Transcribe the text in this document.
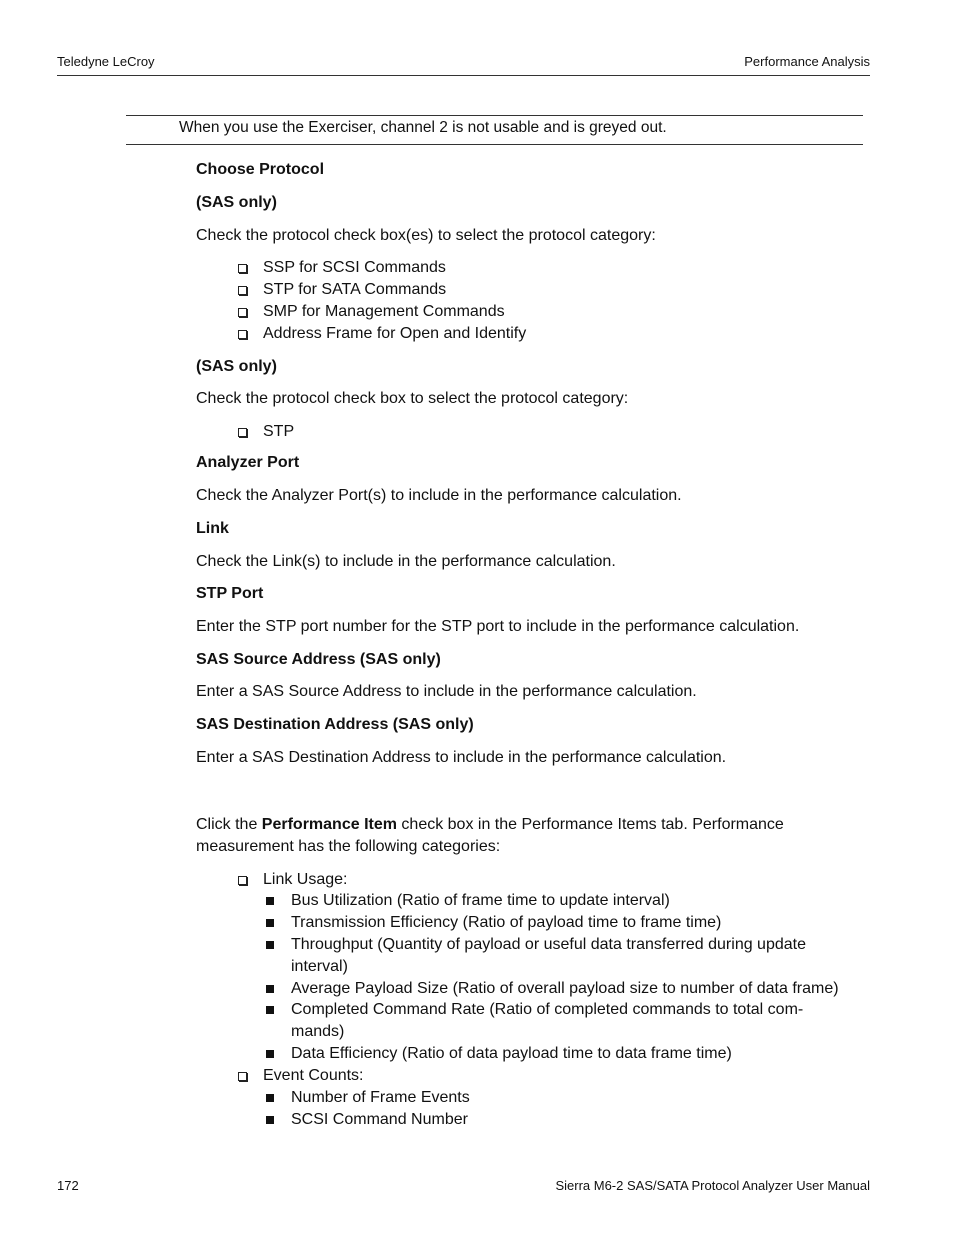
Teledyne LeCroy	Performance Analysis
When you use the Exerciser, channel 2 is not usable and is greyed out.
Choose Protocol
(SAS only)
Check the protocol check box(es) to select the protocol category:
SSP for SCSI Commands
STP for SATA Commands
SMP for Management Commands
Address Frame for Open and Identify
(SAS only)
Check the protocol check box to select the protocol category:
STP
Analyzer Port
Check the Analyzer Port(s) to include in the performance calculation.
Link
Check the Link(s) to include in the performance calculation.
STP Port
Enter the STP port number for the STP port to include in the performance calculation.
SAS Source Address (SAS only)
Enter a SAS Source Address to include in the performance calculation.
SAS Destination Address (SAS only)
Enter a SAS Destination Address to include in the performance calculation.
Click the Performance Item check box in the Performance Items tab. Performance
measurement has the following categories:
Link Usage:
Bus Utilization (Ratio of frame time to update interval)
Transmission Efficiency (Ratio of payload time to frame time)
Throughput (Quantity of payload or useful data transferred during update
interval)
Average Payload Size (Ratio of overall payload size to number of data frame)
Completed Command Rate (Ratio of completed commands to total com-
mands)
Data Efficiency (Ratio of data payload time to data frame time)
Event Counts:
Number of Frame Events
SCSI Command Number
172	Sierra M6-2 SAS/SATA Protocol Analyzer User Manual
